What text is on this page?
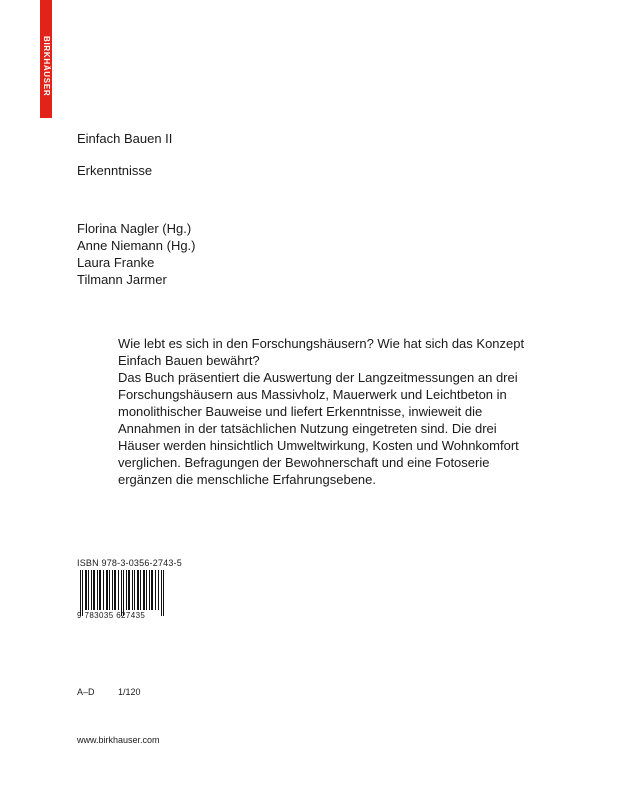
BIRKHÄUSER
Einfach Bauen II
Erkenntnisse
Florina Nagler (Hg.)
Anne Niemann (Hg.)
Laura Franke
Tilmann Jarmer

Wie lebt es sich in den Forschungshäusern? Wie hat sich das Konzept Einfach Bauen bewährt?
Das Buch präsentiert die Auswertung der Langzeitmessungen an drei Forschungshäusern aus Massivholz, Mauerwerk und Leichtbeton in monolithischer Bauweise und liefert Erkenntnisse, inwieweit die Annahmen in der tatsächlichen Nutzung eingetreten sind. Die drei Häuser werden hinsichtlich Umweltwirkung, Kosten und Wohnkomfort verglichen. Befragungen der Bewohnerschaft und eine Fotoserie ergänzen die menschliche Erfahrungsebene.

ISBN 978-3-0356-2743-5
9 783035 627435
A–D	1/120
www.birkhauser.com
